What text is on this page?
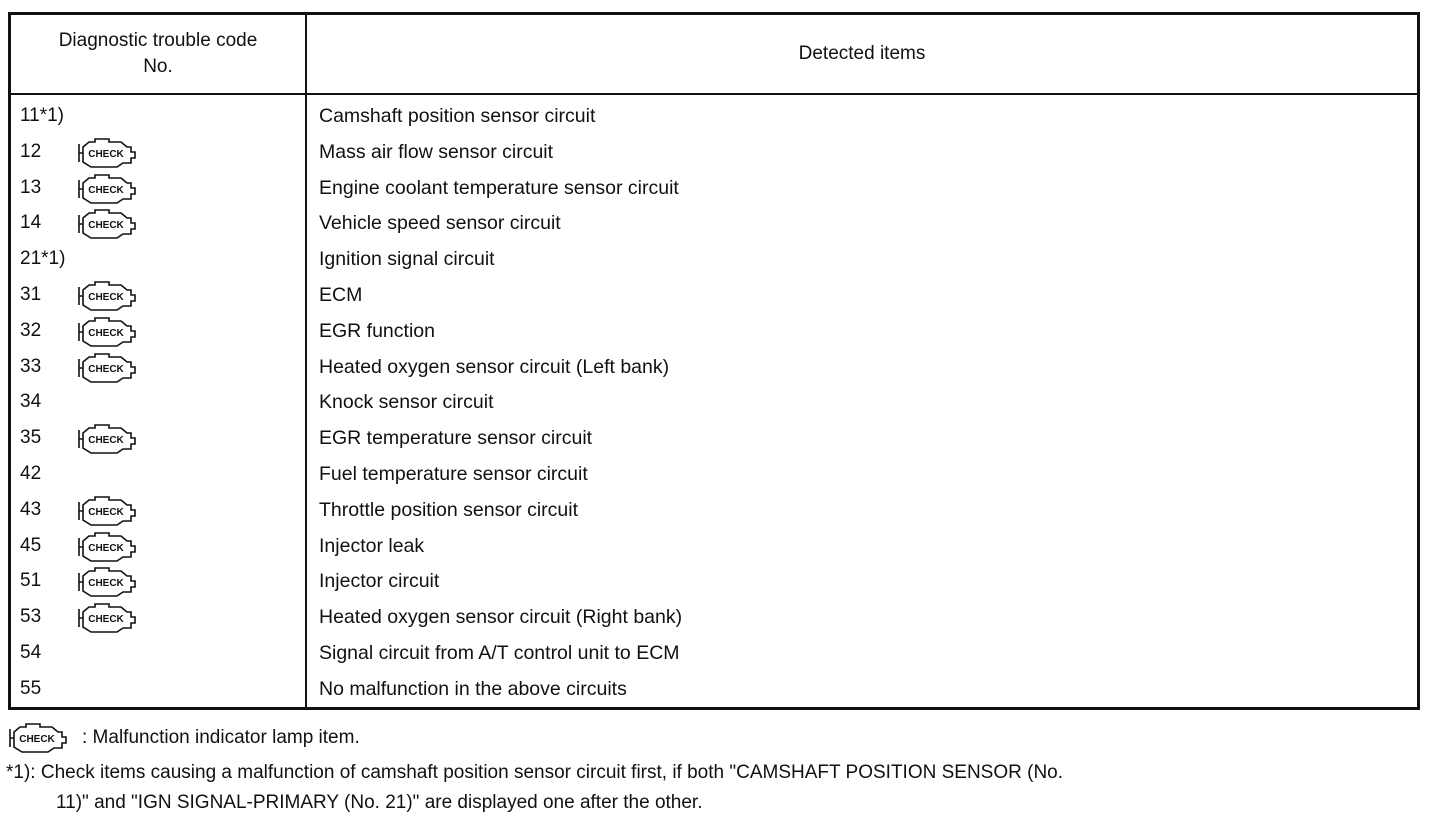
Diagnostic trouble code
No.
Detected items
11*1)	Camshaft position sensor circuit
12	CHECK	Mass air flow sensor circuit
13	CHECK	Engine coolant temperature sensor circuit
14	CHECK	Vehicle speed sensor circuit
21*1)	Ignition signal circuit
31	CHECK	ECM
32	CHECK	EGR function
33	CHECK	Heated oxygen sensor circuit (Left bank)
34	Knock sensor circuit
35	CHECK	EGR temperature sensor circuit
42	Fuel temperature sensor circuit
43	CHECK	Throttle position sensor circuit
45	CHECK	Injector leak
51	CHECK	Injector circuit
53	CHECK	Heated oxygen sensor circuit (Right bank)
54	Signal circuit from A/T control unit to ECM
55	No malfunction in the above circuits
CHECK : Malfunction indicator lamp item.
*1): Check items causing a malfunction of camshaft position sensor circuit first, if both "CAMSHAFT POSITION SENSOR (No.
11)" and "IGN SIGNAL-PRIMARY (No. 21)" are displayed one after the other.
